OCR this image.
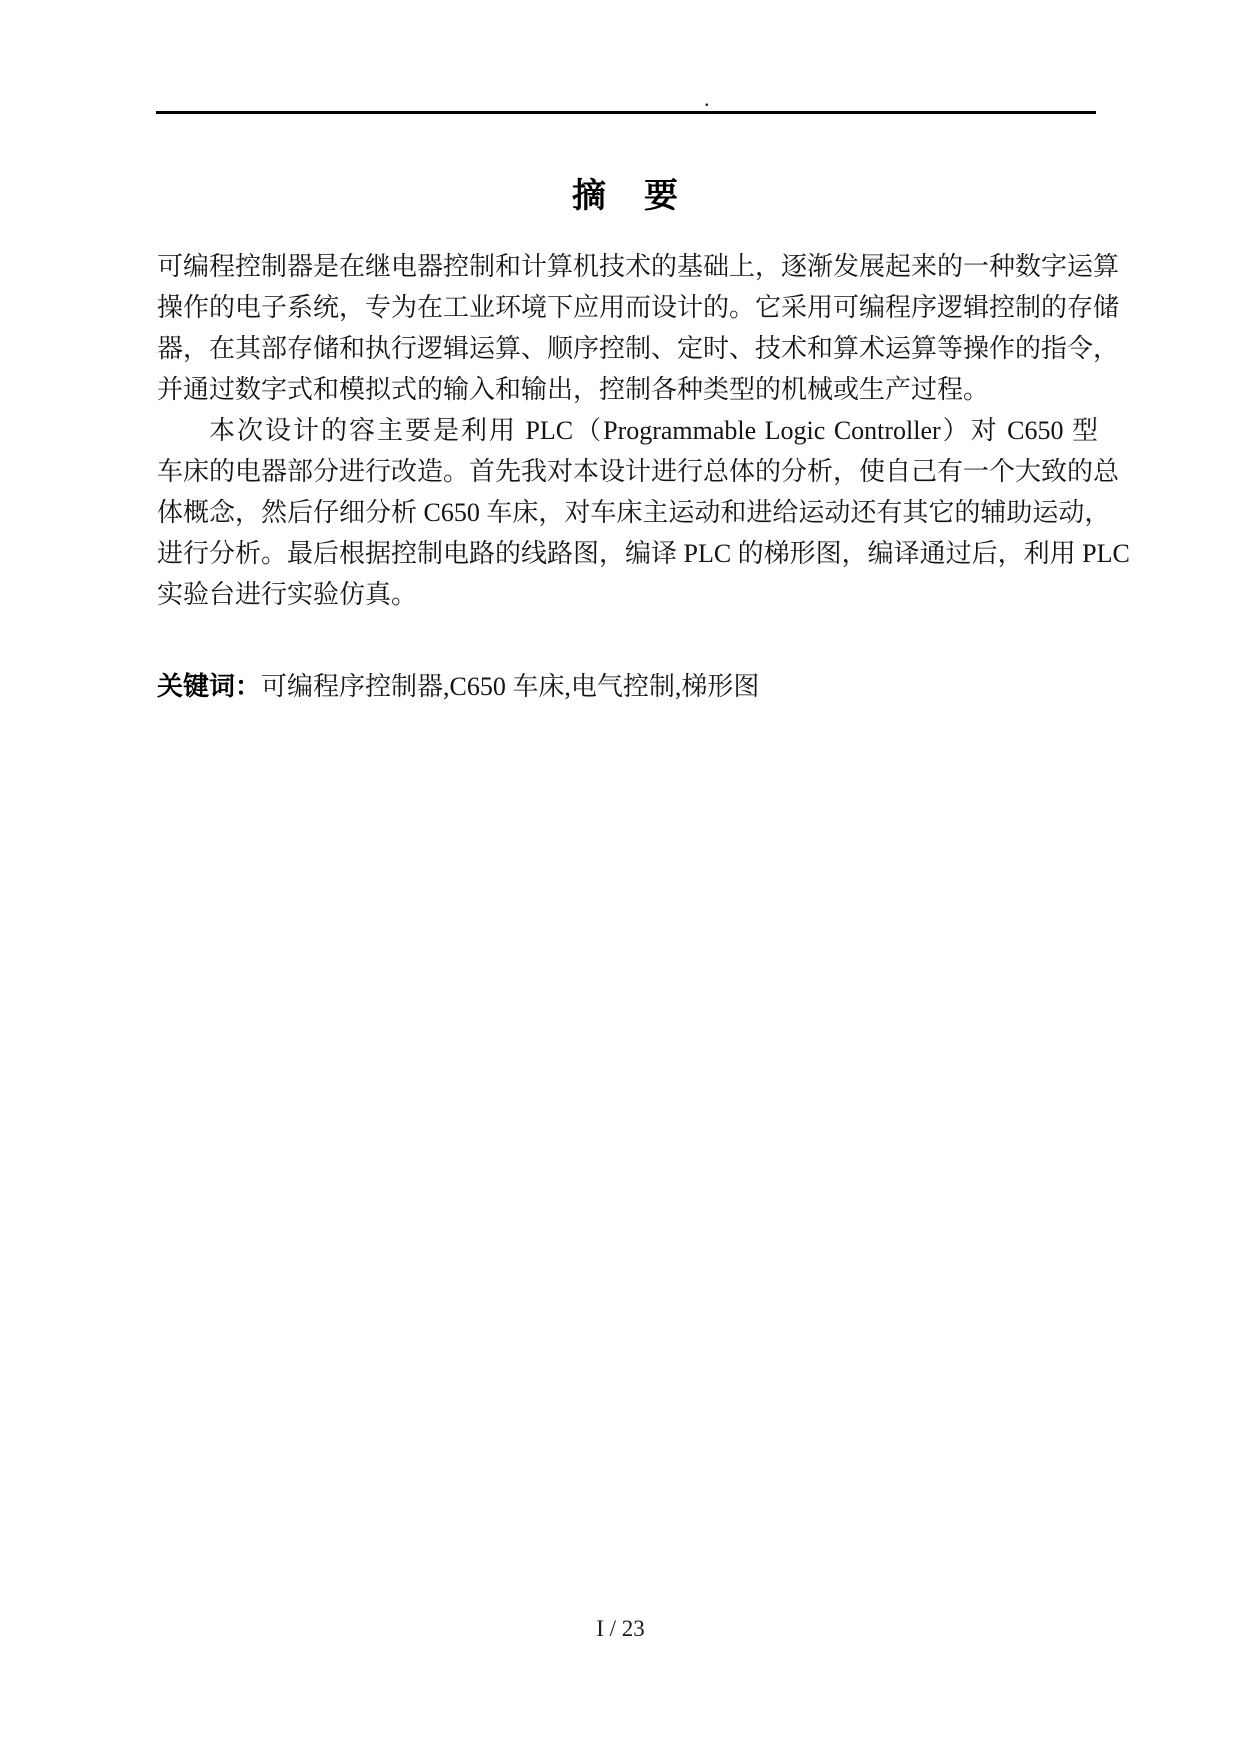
.
摘　要
可编程控制器是在继电器控制和计算机技术的基础上，逐渐发展起来的一种数字运算
操作的电子系统，专为在工业环境下应用而设计的。它采用可编程序逻辑控制的存储
器，在其部存储和执行逻辑运算、顺序控制、定时、技术和算术运算等操作的指令，
并通过数字式和模拟式的输入和输出，控制各种类型的机械或生产过程。
本次设计的容主要是利用 PLC（Programmable Logic Controller）对 C650 型
车床的电器部分进行改造。首先我对本设计进行总体的分析，使自己有一个大致的总
体概念，然后仔细分析 C650 车床，对车床主运动和进给运动还有其它的辅助运动，
进行分析。最后根据控制电路的线路图，编译 PLC 的梯形图，编译通过后，利用 PLC
实验台进行实验仿真。
关键词：可编程序控制器,C650 车床,电气控制,梯形图
I / 23
